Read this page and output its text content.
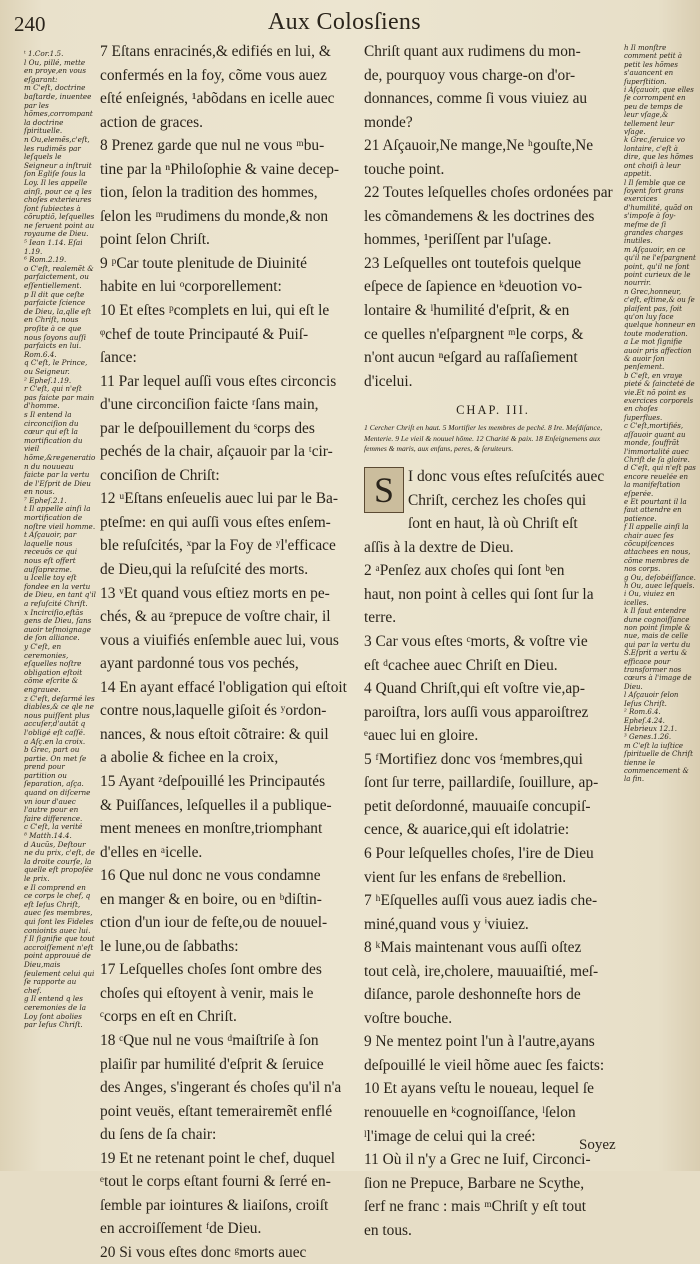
240	Aux Colosſiens

ᵗ 1.Cor.1.5.

l Ou, pillé, mette en proye,en vous eſgarant:

m C'eſt, doctrine baſtarde, inuentee par les hõmes,corrompant la doctrine ſpirituelle.

n Ou,elemẽs,c'eſt, les rudimẽs par leſquels le Seigneur a inſtruit ſon Egliſe ſous la Loy. Il les appelle ainſi, pour ce q les choſes exterieures ſont ſubiectes à cõruptiõ, leſquelles ne ſeruent point au royaume de Dieu.

⁵ Iean 1.14. Eſai 1.19.

⁶ Rom.2.19.

o C'eſt, realemẽt & parfaictement, ou eſſentiellement.

p Il dit que ceſte parfaicte ſcience de Dieu, la,qlle eſt en Chriſt, nous proſite à ce que nous ſoyons auſſi parfaicts en lui.

Rom.6.4.

q C'eſt, le Prince, ou Seigneur.

² Epheſ.1.19.

r C'eſt, qui n'eſt pas faicte par main d'homme.

s Il entend la circonciſion du cœur qui eſt la mortification du vieil hõme,&regeneration du nouueau faicte par la vertu de l'Eſprit de Dieu en nous.

⁷ Epheſ.2.1.

t Il appelle ainſi la mortification de noſtre vieil homme.

t Aſçauoir, par laquelle nous receuõs ce qui nous eſt offert auſſaprezme.

u Icelle toy eſt fondee en la vertu de Dieu, en tant q'il a reſuſcité Chriſt.

x Incirciſio,eſtās gens de Dieu, ſans auoir teſmoignage de ſon alliance.

y C'eſt, en ceremonies, eſquelles noſtre obligation eſtoit cõme eſcrite & engrauee.

z C'eſt, deſarmé les diables,& ce qle ne nous puiſſent plus accuſer,d'autāt q l'obligé eſt caſſé.

a Aſç.en la croix.

b Grec, part ou partie. On met ſe prend pour partition ou ſeparation, aſça. quand on diſcerne vn iour d'auec l'autre pour en faire difference.

c C'eſt, la verité

⁸ Matth.14.4.

d Aucũs, Deſtour ne du prix, c'eſt, de la droite courſe, la quelle eſt propoſée le prix.

e Il comprend en ce corps le chef, q eſt Ieſus Chriſt, auec ſes membres, qui ſont les Fideles conioints auec lui.

f Il ſignifie que tout accroiſſement n'eſt point approuué de Dieu,mais ſeulement celui qui ſe rapporte au chef.

g Il entend q les ceremonies de la Loy ſont abolies par Ieſus Chriſt.

7 Eſtans enracinés,& edifiés en lui, &
confermés en la foy, cõme vous auez
eſté enſeignés, ¹abõdans en icelle auec
action de graces.
8 Prenez garde que nul ne vous ᵐbu-
tine par la ⁿPhiloſophie & vaine decep-
tion, ſelon la tradition des hommes,
ſelon les ᵐrudimens du monde,& non
point ſelon Chriſt.
9 ᵖCar toute plenitude de Diuinité
habite en lui ᵒcorporellement:
10 Et eſtes ᵖcomplets en lui, qui eſt le
ᵠchef de toute Principauté & Puiſ-
ſance:
11 Par lequel auſſi vous eſtes circoncis
d'une circonciſion faicte ʳſans main,
par le deſpouillement du ˢcorps des
pechés de la chair, aſçauoir par la ᵗcir-
conciſion de Chriſt:
12 ᵘEſtans enſeuelis auec lui par le Ba-
pteſme: en qui auſſi vous eſtes enſem-
ble reſuſcités, ˣpar la Foy de ʸl'efficace
de Dieu,qui la reſuſcité des morts.
13 ᵛEt quand vous eſtiez morts en pe-
chés, & au ᶻprepuce de voſtre chair, il
vous a viuifiés enſemble auec lui, vous
ayant pardonné tous vos pechés,
14 En ayant effacé l'obligation qui eſtoit
contre nous,laquelle giſoit és ʸordon-
nances, & nous eſtoit cõtraire: & quil
a abolie & fichee en la croix,
15 Ayant ᶻdeſpouillé les Principautés
& Puiſſances, leſquelles il a publique-
ment menees en monſtre,triomphant
d'elles en ᵃicelle.
16 Que nul donc ne vous condamne
en manger & en boire, ou en ᵇdiſtin-
ction d'un iour de feſte,ou de nouuel-
le lune,ou de ſabbaths:
17 Leſquelles choſes ſont ombre des
choſes qui eſtoyent à venir, mais le
ᶜcorps en eſt en Chriſt.
18 ᶜQue nul ne vous ᵈmaiſtriſe à ſon
plaiſir par humilité d'eſprit & ſeruice
des Anges, s'ingerant és choſes qu'il n'a
point veuës, eſtant temerairemẽt enflé
du ſens de ſa chair:
19 Et ne retenant point le chef, duquel
ᵉtout le corps eſtant fourni & ſerré en-
ſemble par iointures & liaiſons, croiſt
en accroiſſement ᶠde Dieu.
20 Si vous eſtes donc ᵍmorts auec
Chriſt quant aux rudimens du mon-
de, pourquoy vous charge-on d'or-
donnances, comme ſi vous viuiez au
monde?
21 Aſçauoir,Ne mange,Ne ʰgouſte,Ne
touche point.
22 Toutes leſquelles choſes ordonées par
les cõmandemens & les doctrines des
hommes, ¹periſſent par l'uſage.
23 Leſquelles ont toutefois quelque
eſpece de ſapience en ᵏdeuotion vo-
lontaire & ˡhumilité d'eſprit, & en
ce quelles n'eſpargnent ᵐle corps, &
n'ont aucun ⁿeſgard au raſſaſiement
d'icelui.
CHAP. III.
1 Cercher Chriſt en haut. 5 Mortifier les membres de peché. 8 Ire. Meſdiſance, Menterie. 9 Le vieil & nouuel hõme. 12 Charité & paix. 18 Enſeignemens aux femmes & maris, aux enfans, peres, & ſeruiteurs.
S I donc vous eſtes reſuſcités auec
Chriſt, cerchez les choſes qui
ſont en haut, là où Chriſt eſt
aſſis à la dextre de Dieu.
2 ᵃPenſez aux choſes qui ſont ᵇen
haut, non point à celles qui ſont ſur la
terre.
3 Car vous eſtes ᶜmorts, & voſtre vie
eſt ᵈcachee auec Chriſt en Dieu.
4 Quand Chriſt,qui eſt voſtre vie,ap-
paroiſtra, lors auſſi vous apparoiſtrez
ᵉauec lui en gloire.
5 ᶠMortifiez donc vos ᶠmembres,qui
ſont ſur terre, paillardiſe, ſouillure, ap-
petit deſordonné, mauuaiſe concupiſ-
cence, & auarice,qui eſt idolatrie:
6 Pour leſquelles choſes, l'ire de Dieu
vient ſur les enfans de ᵍrebellion.
7 ʰEſquelles auſſi vous auez iadis che-
miné,quand vous y ⁱviuiez.
8 ᵏMais maintenant vous auſſi oſtez
tout celà, ire,cholere, mauuaiſtié, meſ-
diſance, parole deshonneſte hors de
voſtre bouche.
9 Ne mentez point l'un à l'autre,ayans
deſpouillé le vieil hõme auec ſes faicts:
10 Et ayans veſtu le noueau, lequel ſe
renouuelle en ᵏcognoiſſance, ˡſelon
ˡl'image de celui qui la creé:
11 Où il n'y a Grec ne Iuif, Circonci-
ſion ne Prepuce, Barbare ne Scythe,
ſerf ne franc : mais ᵐChriſt y eſt tout
en tous.

h Il monſtre comment petit à petit les hõmes s'auancent en ſuperſtition.

i Aſçauoir, que elles ſe corrompent en peu de temps de leur vſage,& tellement leur vſage.

k Grec,ſeruice vo lontaire, c'eſt à dire, que les hõmes ont choiſi à leur appetit.

l Il ſemble que ce ſoyent fort grans exercices d'humilité, quãd on s'impoſe à ſoy-meſme de ſi grandes charges inutiles.

m Aſçauoir, en ce qu'il ne l'eſpargnent point, qu'il ne ſont point curieux de le nourrir.

n Grec,honneur, c'eſt, eſtime,& ou ſe plaiſent pas, ſoit qu'on luy face quelque honneur en toute moderation.

a Le mot ſignifie auoir pris affection & auoir ſon penſement.

b C'eſt, en vraye pieté & ſaincteté de vie.Et nõ point es exercices corporels en choſes ſuperflues.

c C'eſt,mortifiés, aſſauoir quant au monde, ſouffrãt l'immortalité auec Chriſt de ſa gloire.

d C'eſt, qui n'eſt pas encore reuelée en la manifeſtation eſperée.

e Et pourtant il la faut attendre en patience.

f Il appelle ainſi la chair auec ſes cõcupiſcences attachees en nous, cõme membres de nos corps.

g Ou, deſobéiſſance.

h Ou, auec leſquels.

i Ou, viuiez en icelles.

k Il faut entendre dune cognoiſſance non point ſimple & nue, mais de celle qui par la vertu du S.Eſprit a vertu & efficace pour transformer nos cœurs à l'image de Dieu.

l Aſçauoir ſelon Ieſus Chriſt.

² Rom.6.4. Epheſ.4.24. Hebrieux 12.1.

³ Genes.1.26.

m C'eſt la iuſtice ſpirituelle de Chriſt tienne le commencement & la fin.

Soyez
